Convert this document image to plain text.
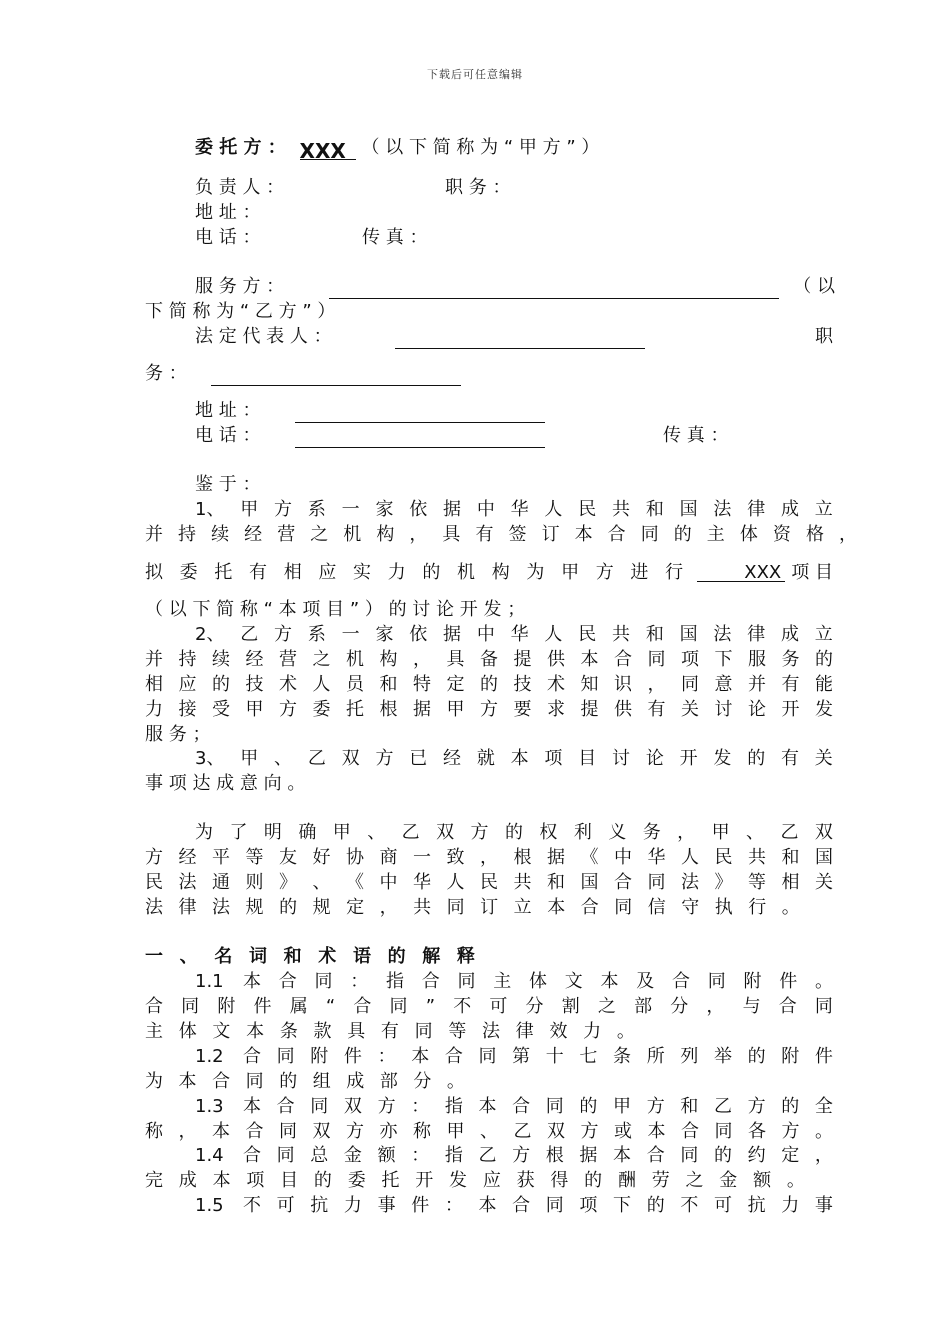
下载后可任意编辑
委 托 方 ： XXX （ 以 下 简 称 为 “ 甲 方 ” ）
负 责 人 ：	职 务 ：
地 址 ：
电 话 ：	传 真 ：
服 务 方 ：	（ 以
下 简 称 为 “ 乙 方 ” ）
法 定 代 表 人 ：	职
务 ：
地 址 ：
电 话 ：	传 真 ：
鉴 于 ：
1、 甲 方 系 一 家 依 据 中 华 人 民 共 和 国 法 律 成 立
并 持 续 经 营 之 机 构 ， 具 有 签 订 本 合 同 的 主 体 资 格 ，
拟 委 托 有 相 应 实 力 的 机 构 为 甲 方 进 行	XXX 项 目
（ 以 下 简 称 “ 本 项 目 ” ） 的 讨 论 开 发 ；
2、 乙 方 系 一 家 依 据 中 华 人 民 共 和 国 法 律 成 立
并 持 续 经 营 之 机 构 ， 具 备 提 供 本 合 同 项 下 服 务 的
相 应 的 技 术 人 员 和 特 定 的 技 术 知 识 ， 同 意 并 有 能
力 接 受 甲 方 委 托 根 据 甲 方 要 求 提 供 有 关 讨 论 开 发
服 务 ；
3、 甲 、 乙 双 方 已 经 就 本 项 目 讨 论 开 发 的 有 关
事 项 达 成 意 向 。
为 了 明 确 甲 、 乙 双 方 的 权 利 义 务 ， 甲 、 乙 双
方 经 平 等 友 好 协 商 一 致 ， 根 据 《 中 华 人 民 共 和 国
民 法 通 则 》 、 《 中 华 人 民 共 和 国 合 同 法 》 等 相 关
法 律 法 规 的 规 定 ， 共 同 订 立 本 合 同 信 守 执 行 。
一 、 名 词 和 术 语 的 解 释
1.1	本 合 同 ： 指 合 同 主 体 文 本 及 合 同 附 件 。
合 同 附 件 属 “ 合 同 ” 不 可 分 割 之 部 分 ， 与 合 同
主 体 文 本 条 款 具 有 同 等 法 律 效 力 。
1.2	合 同 附 件 ： 本 合 同 第 十 七 条 所 列 举 的 附 件
为 本 合 同 的 组 成 部 分 。
1.3	本 合 同 双 方 ： 指 本 合 同 的 甲 方 和 乙 方 的 全
称 ， 本 合 同 双 方 亦 称 甲 、 乙 双 方 或 本 合 同 各 方 。
1.4	合 同 总 金 额 ： 指 乙 方 根 据 本 合 同 的 约 定 ，
完 成 本 项 目 的 委 托 开 发 应 获 得 的 酬 劳 之 金 额 。
1.5	不 可 抗 力 事 件 ： 本 合 同 项 下 的 不 可 抗 力 事
